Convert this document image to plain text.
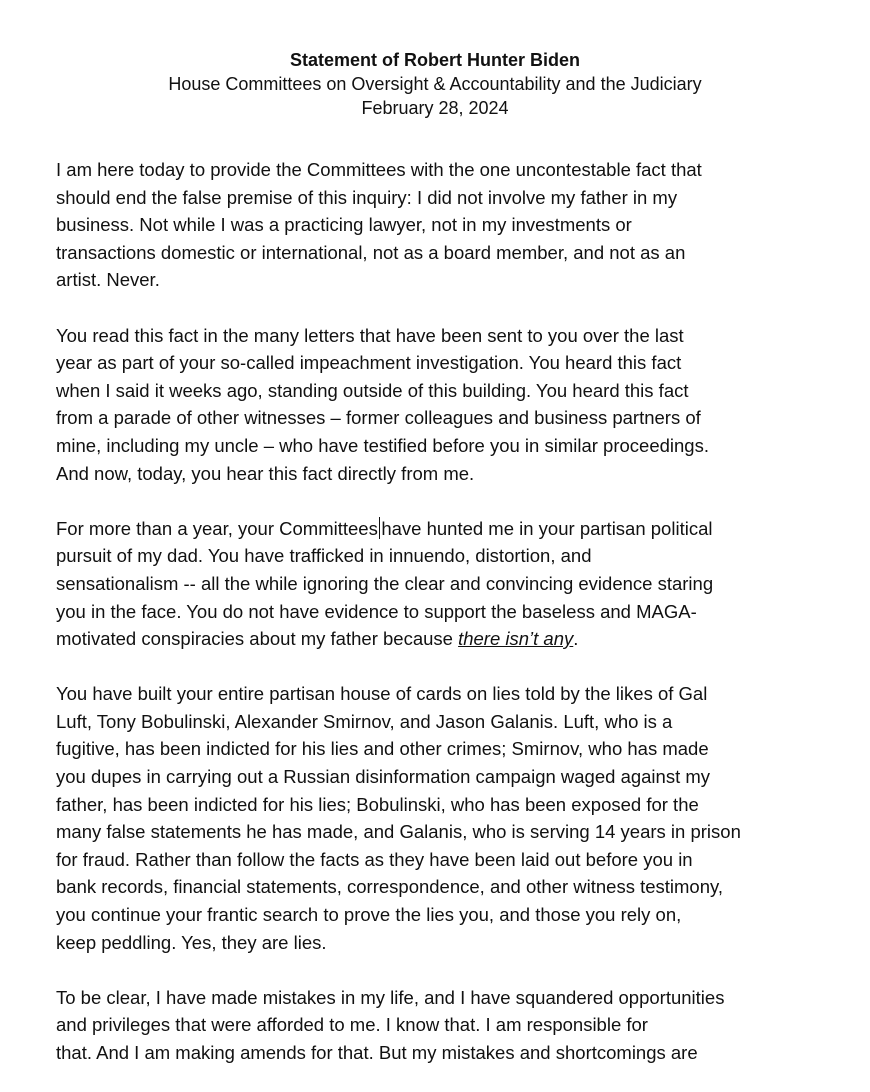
Statement of Robert Hunter Biden
House Committees on Oversight & Accountability and the Judiciary
February 28, 2024

I am here today to provide the Committees with the one uncontestable fact that
should end the false premise of this inquiry: I did not involve my father in my
business. Not while I was a practicing lawyer, not in my investments or
transactions domestic or international, not as a board member, and not as an
artist. Never.

You read this fact in the many letters that have been sent to you over the last
year as part of your so-called impeachment investigation. You heard this fact
when I said it weeks ago, standing outside of this building. You heard this fact
from a parade of other witnesses – former colleagues and business partners of
mine, including my uncle – who have testified before you in similar proceedings.
And now, today, you hear this fact directly from me.

For more than a year, your Committees have hunted me in your partisan political
pursuit of my dad. You have trafficked in innuendo, distortion, and
sensationalism -- all the while ignoring the clear and convincing evidence staring
you in the face. You do not have evidence to support the baseless and MAGA-
motivated conspiracies about my father because there isn’t any.

You have built your entire partisan house of cards on lies told by the likes of Gal
Luft, Tony Bobulinski, Alexander Smirnov, and Jason Galanis. Luft, who is a
fugitive, has been indicted for his lies and other crimes; Smirnov, who has made
you dupes in carrying out a Russian disinformation campaign waged against my
father, has been indicted for his lies; Bobulinski, who has been exposed for the
many false statements he has made, and Galanis, who is serving 14 years in prison
for fraud. Rather than follow the facts as they have been laid out before you in
bank records, financial statements, correspondence, and other witness testimony,
you continue your frantic search to prove the lies you, and those you rely on,
keep peddling. Yes, they are lies.

To be clear, I have made mistakes in my life, and I have squandered opportunities
and privileges that were afforded to me. I know that. I am responsible for
that. And I am making amends for that. But my mistakes and shortcomings are
